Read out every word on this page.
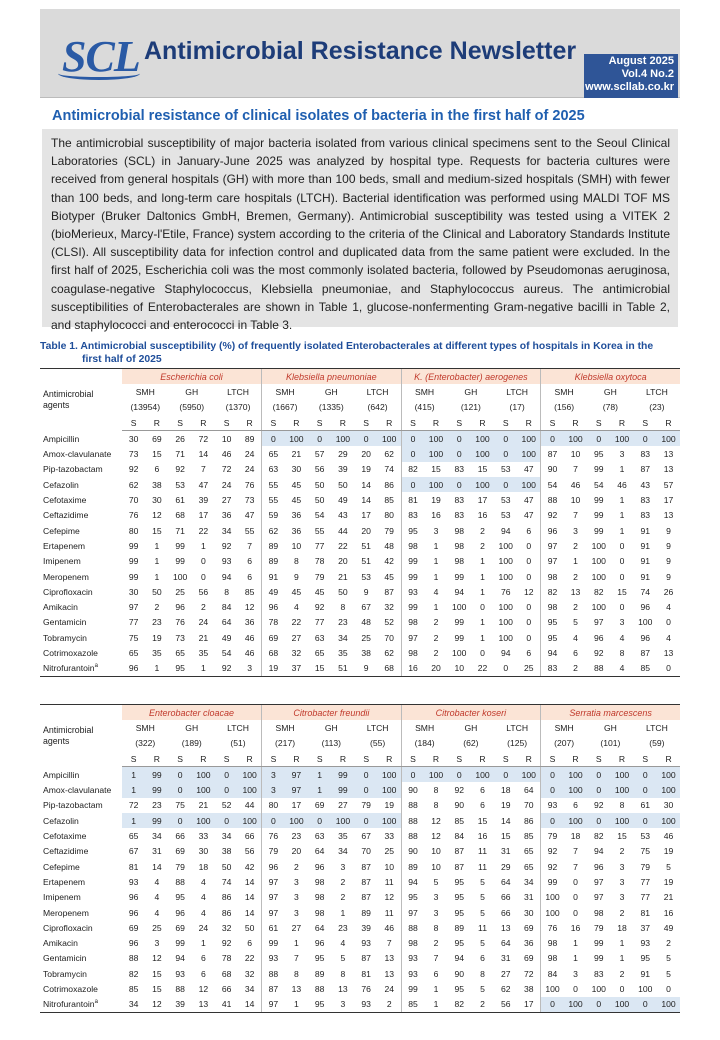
SCL Antimicrobial Resistance Newsletter	August 2025
Vol.4 No.2
www.scllab.co.kr
Antimicrobial resistance of clinical isolates of bacteria in the first half of 2025
The antimicrobial susceptibility of major bacteria isolated from various clinical specimens sent to the Seoul Clinical Laboratories (SCL) in January-June 2025 was analyzed by hospital type. Requests for bacteria cultures were received from general hospitals (GH) with more than 100 beds, small and medium-sized hospitals (SMH) with fewer than 100 beds, and long-term care hospitals (LTCH). Bacterial identification was performed using MALDI TOF MS Biotyper (Bruker Daltonics GmbH, Bremen, Germany). Antimicrobial susceptibility was tested using a VITEK 2 (bioMerieux, Marcy-l'Etile, France) system according to the criteria of the Clinical and Laboratory Standards Institute (CLSI). All susceptibility data for infection control and duplicated data from the same patient were excluded. In the first half of 2025, Escherichia coli was the most commonly isolated bacteria, followed by Pseudomonas aeruginosa, coagulase-negative Staphylococcus, Klebsiella pneumoniae, and Staphylococcus aureus. The antimicrobial susceptibilities of Enterobacterales are shown in Table 1, glucose-nonfermenting Gram-negative bacilli in Table 2, and staphylococci and enterococci in Table 3.
Table 1. Antimicrobial susceptibility (%) of frequently isolated Enterobacterales at different types of hospitals in Korea in the
first half of 2025
Antimicrobial agents	Escherichia coli						Klebsiella pneumoniae						K. (Enterobacter) aerogenes						Klebsiella oxytoca					
	SMH		GH		LTCH		SMH		GH		LTCH		SMH		GH		LTCH		SMH		GH		LTCH	
	(13954)		(5950)		(1370)		(1667)		(1335)		(642)		(415)		(121)		(17)		(156)		(78)		(23)	
	S	R	S	R	S	R	S	R	S	R	S	R	S	R	S	R	S	R	S	R	S	R	S	R
Ampicillin	30	69	26	72	10	89	0	100	0	100	0	100	0	100	0	100	0	100	0	100	0	100	0	100
Amox-clavulanate	73	15	71	14	46	24	65	21	57	29	20	62	0	100	0	100	0	100	87	10	95	3	83	13
Pip-tazobactam	92	6	92	7	72	24	63	30	56	39	19	74	82	15	83	15	53	47	90	7	99	1	87	13
Cefazolin	62	38	53	47	24	76	55	45	50	50	14	86	0	100	0	100	0	100	54	46	54	46	43	57
Cefotaxime	70	30	61	39	27	73	55	45	50	49	14	85	81	19	83	17	53	47	88	10	99	1	83	17
Ceftazidime	76	12	68	17	36	47	59	36	54	43	17	80	83	16	83	16	53	47	92	7	99	1	83	13
Cefepime	80	15	71	22	34	55	62	36	55	44	20	79	95	3	98	2	94	6	96	3	99	1	91	9
Ertapenem	99	1	99	1	92	7	89	10	77	22	51	48	98	1	98	2	100	0	97	2	100	0	91	9
Imipenem	99	1	99	0	93	6	89	8	78	20	51	42	99	1	98	1	100	0	97	1	100	0	91	9
Meropenem	99	1	100	0	94	6	91	9	79	21	53	45	99	1	99	1	100	0	98	2	100	0	91	9
Ciprofloxacin	30	50	25	56	8	85	49	45	45	50	9	87	93	4	94	1	76	12	82	13	82	15	74	26
Amikacin	97	2	96	2	84	12	96	4	92	8	67	32	99	1	100	0	100	0	98	2	100	0	96	4
Gentamicin	77	23	76	24	64	36	78	22	77	23	48	52	98	2	99	1	100	0	95	5	97	3	100	0
Tobramycin	75	19	73	21	49	46	69	27	63	34	25	70	97	2	99	1	100	0	95	4	96	4	96	4
Cotrimoxazole	65	35	65	35	54	46	68	32	65	35	38	62	98	2	100	0	94	6	94	6	92	8	87	13
Nitrofurantoin$^a$	96	1	95	1	92	3	19	37	15	51	9	68	16	20	10	22	0	25	83	2	88	4	85	0
Antimicrobial agents	Enterobacter cloacae						Citrobacter freundii						Citrobacter koseri						Serratia marcescens					
	SMH		GH		LTCH		SMH		GH		LTCH		SMH		GH		LTCH		SMH		GH		LTCH	
	(322)		(189)		(51)		(217)		(113)		(55)		(184)		(62)		(125)		(207)		(101)		(59)	
	S	R	S	R	S	R	S	R	S	R	S	R	S	R	S	R	S	R	S	R	S	R	S	R
Ampicillin	1	99	0	100	0	100	3	97	1	99	0	100	0	100	0	100	0	100	0	100	0	100	0	100
Amox-clavulanate	1	99	0	100	0	100	3	97	1	99	0	100	90	8	92	6	18	64	0	100	0	100	0	100
Pip-tazobactam	72	23	75	21	52	44	80	17	69	27	79	19	88	8	90	6	19	70	93	6	92	8	61	30
Cefazolin	1	99	0	100	0	100	0	100	0	100	0	100	88	12	85	15	14	86	0	100	0	100	0	100
Cefotaxime	65	34	66	33	34	66	76	23	63	35	67	33	88	12	84	16	15	85	79	18	82	15	53	46
Ceftazidime	67	31	69	30	38	56	79	20	64	34	70	25	90	10	87	11	31	65	92	7	94	2	75	19
Cefepime	81	14	79	18	50	42	96	2	96	3	87	10	89	10	87	11	29	65	92	7	96	3	79	5
Ertapenem	93	4	88	4	74	14	97	3	98	2	87	11	94	5	95	5	64	34	99	0	97	3	77	19
Imipenem	96	4	95	4	86	14	97	3	98	2	87	12	95	3	95	5	66	31	100	0	97	3	77	21
Meropenem	96	4	96	4	86	14	97	3	98	1	89	11	97	3	95	5	66	30	100	0	98	2	81	16
Ciprofloxacin	69	25	69	24	32	50	61	27	64	23	39	46	88	8	89	11	13	69	76	16	79	18	37	49
Amikacin	96	3	99	1	92	6	99	1	96	4	93	7	98	2	95	5	64	36	98	1	99	1	93	2
Gentamicin	88	12	94	6	78	22	93	7	95	5	87	13	93	7	94	6	31	69	98	1	99	1	95	5
Tobramycin	82	15	93	6	68	32	88	8	89	8	81	13	93	6	90	8	27	72	84	3	83	2	91	5
Cotrimoxazole	85	15	88	12	66	34	87	13	88	13	76	24	99	1	95	5	62	38	100	0	100	0	100	0
Nitrofurantoin$^a$	34	12	39	13	41	14	97	1	95	3	93	2	85	1	82	2	56	17	0	100	0	100	0	100
